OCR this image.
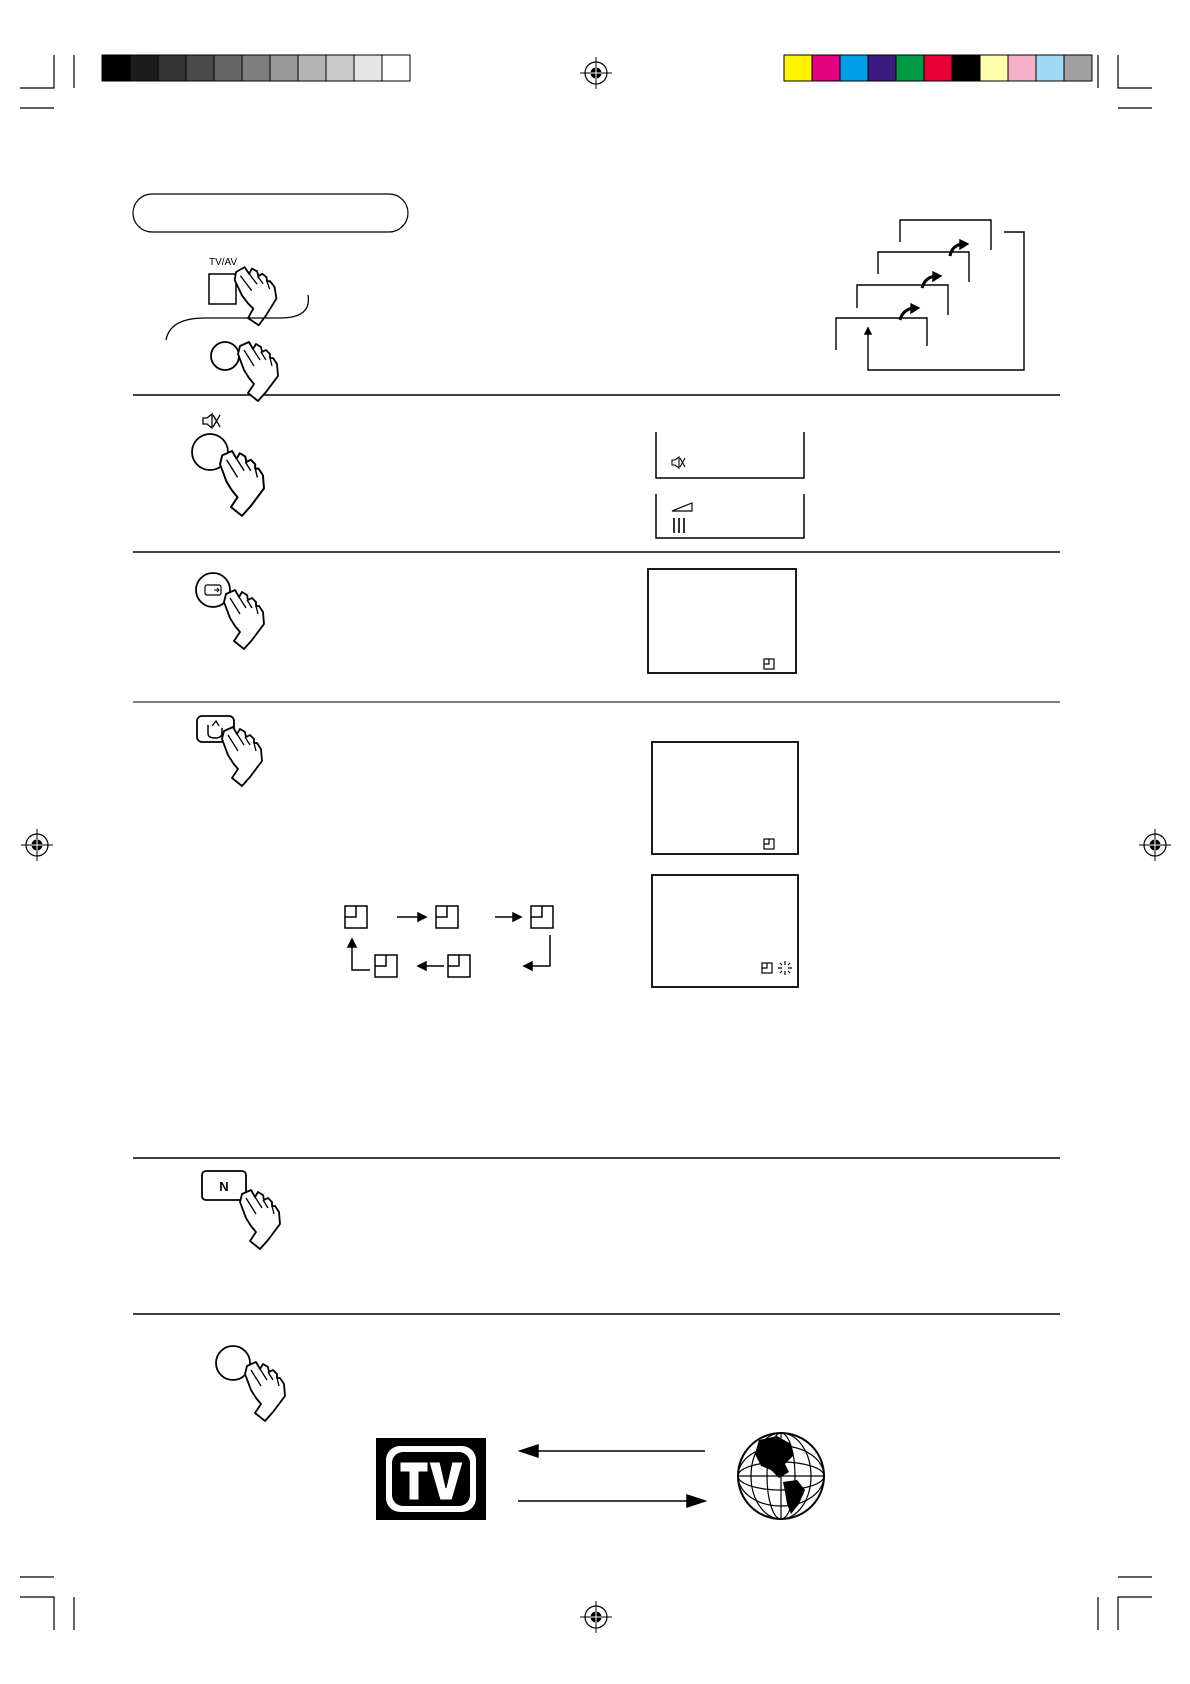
TV/AV
N
